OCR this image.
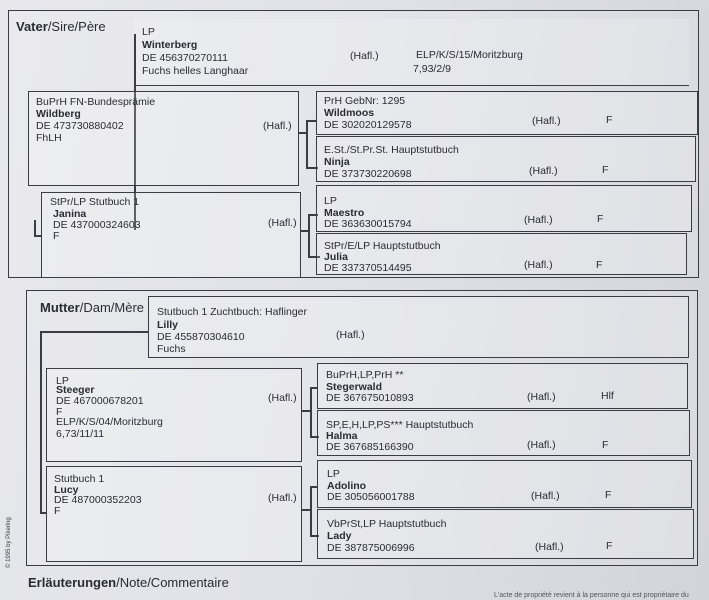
Vater/Sire/Père	LP
Winterberg
DE 456370270111	(Hafl.)	ELP/K/S/15/Moritzburg
Fuchs helles Langhaar	7,93/2/9
BuPrH FN-Bundesprämie
Wildberg
DE 473730880402	(Hafl.)
FhLH
PrH GebNr: 1295
Wildmoos
DE 302020129578	(Hafl.)	F
E.St./St.Pr.St. Hauptstutbuch
Ninja
DE 373730220698	(Hafl.)	F
StPr/LP Stutbuch 1
Janina
DE 437000324603	(Hafl.)
F
LP
Maestro
DE 363630015794	(Hafl.)	F
StPr/E/LP Hauptstutbuch
Julia
DE 337370514495	(Hafl.)	F
Mutter/Dam/Mère Stutbuch 1 Zuchtbuch: Haflinger
Lilly
DE 455870304610	(Hafl.)
Fuchs
LP
Steeger
DE 467000678201	(Hafl.)
F
ELP/K/S/04/Moritzburg
6,73/11/11
BuPrH,LP,PrH **
Stegerwald
DE 367675010893	(Hafl.)	Hlf
SP,E,H,LP,PS*** Hauptstutbuch
Halma
DE 367685166390	(Hafl.)	F
Stutbuch 1
Lucy
DE 487000352203	(Hafl.)
F
LP
Adolino
DE 305056001788	(Hafl.)	F
VbPrSt,LP Hauptstutbuch
Lady
DE 387875006996	(Hafl.)	F
© 1995 by Pikerlog
Erläuterungen/Note/Commentaire
L'acte de propriété revient à la personne qui est propriétaire du
